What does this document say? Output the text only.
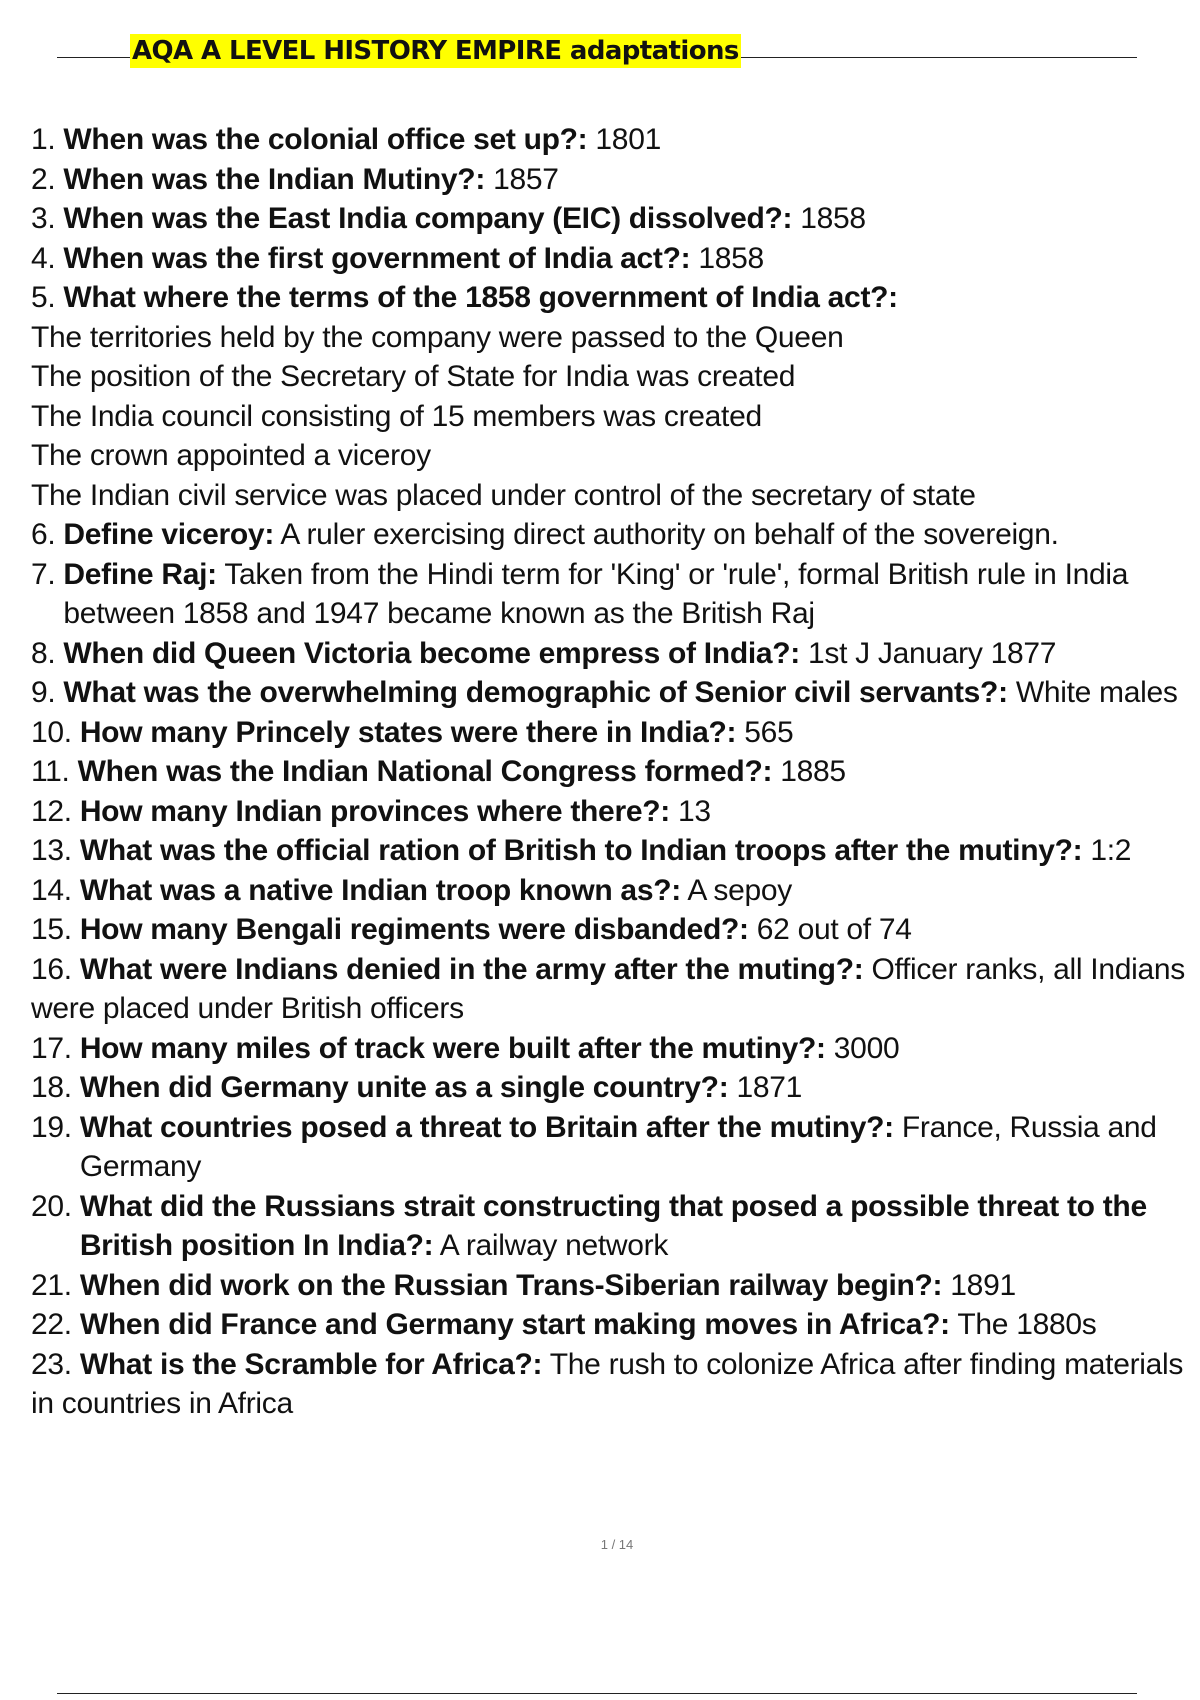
AQA A LEVEL HISTORY EMPIRE adaptations
1. When was the colonial office set up?: 1801
2. When was the Indian Mutiny?: 1857
3. When was the East India company (EIC) dissolved?: 1858
4. When was the first government of India act?: 1858
5. What where the terms of the 1858 government of India act?:
The territories held by the company were passed to the Queen
The position of the Secretary of State for India was created
The India council consisting of 15 members was created
The crown appointed a viceroy
The Indian civil service was placed under control of the secretary of state
6. Define viceroy: A ruler exercising direct authority on behalf of the sovereign.
7. Define Raj: Taken from the Hindi term for 'King' or 'rule', formal British rule in India between 1858 and 1947 became known as the British Raj
8. When did Queen Victoria become empress of India?: 1st J January 1877
9. What was the overwhelming demographic of Senior civil servants?: White males
10. How many Princely states were there in India?: 565
11. When was the Indian National Congress formed?: 1885
12. How many Indian provinces where there?: 13
13. What was the official ration of British to Indian troops after the mutiny?: 1:2
14. What was a native Indian troop known as?: A sepoy
15. How many Bengali regiments were disbanded?: 62 out of 74
16. What were Indians denied in the army after the muting?: Officer ranks, all Indians were placed under British officers
17. How many miles of track were built after the mutiny?: 3000
18. When did Germany unite as a single country?: 1871
19. What countries posed a threat to Britain after the mutiny?: France, Russia and Germany
20. What did the Russians strait constructing that posed a possible threat to the British position In India?: A railway network
21. When did work on the Russian Trans-Siberian railway begin?: 1891
22. When did France and Germany start making moves in Africa?: The 1880s
23. What is the Scramble for Africa?: The rush to colonize Africa after finding materials in countries in Africa
1 / 14
